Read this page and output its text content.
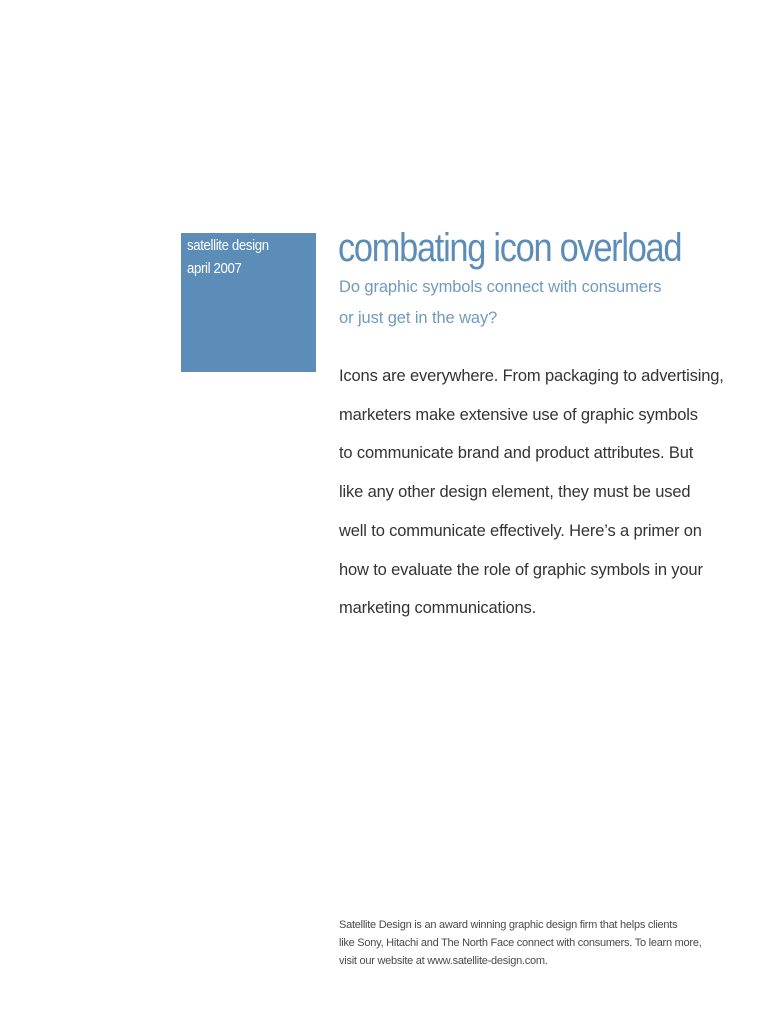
satellite design
april 2007 combating icon overload
Do graphic symbols connect with consumers
or just get in the way?
Icons are everywhere. From packaging to advertising,
marketers make extensive use of graphic symbols
to communicate brand and product attributes. But
like any other design element, they must be used
well to communicate effectively. Here’s a primer on
how to evaluate the role of graphic symbols in your
marketing communications.
Satellite Design is an award winning graphic design firm that helps clients
like Sony, Hitachi and The North Face connect with consumers. To learn more,
visit our website at www.satellite-design.com.
